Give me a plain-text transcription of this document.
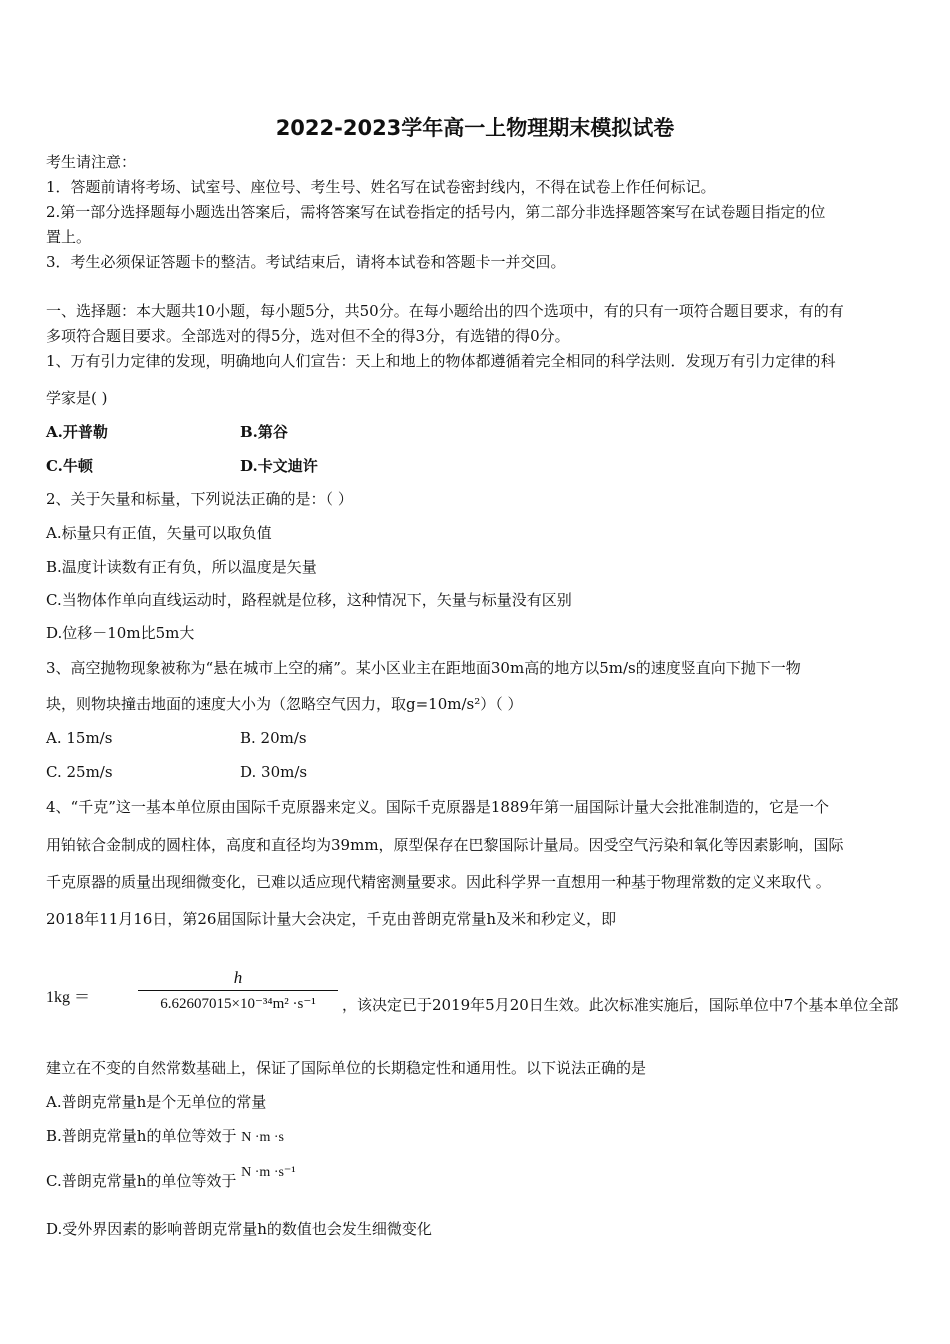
2022-2023学年高一上物理期末模拟试卷
考生请注意：
1．答题前请将考场、试室号、座位号、考生号、姓名写在试卷密封线内，不得在试卷上作任何标记。
2.第一部分选择题每小题选出答案后，需将答案写在试卷指定的括号内，第二部分非选择题答案写在试卷题目指定的位
置上。
3．考生必须保证答题卡的整洁。考试结束后，请将本试卷和答题卡一并交回。
一、选择题：本大题共10小题，每小题5分，共50分。在每小题给出的四个选项中，有的只有一项符合题目要求，有的有
多项符合题目要求。全部选对的得5分，选对但不全的得3分，有选错的得0分。
1、万有引力定律的发现，明确地向人们宣告：天上和地上的物体都遵循着完全相同的科学法则．发现万有引力定律的科
学家是( )
A.开普勒	B.第谷
C.牛顿	D.卡文迪许
2、关于矢量和标量，下列说法正确的是：（ ）
A.标量只有正值，矢量可以取负值
B.温度计读数有正有负，所以温度是矢量
C.当物体作单向直线运动时，路程就是位移，这种情况下，矢量与标量没有区别
D.位移－10m比5m大
3、高空抛物现象被称为“悬在城市上空的痛”。某小区业主在距地面30m高的地方以5m/s的速度竖直向下抛下一物
块，则物块撞击地面的速度大小为（忽略空气因力，取g=10m/s²）（ ）
A. 15m/s	B. 20m/s
C. 25m/s	D. 30m/s
4、“千克”这一基本单位原由国际千克原器来定义。国际千克原器是1889年第一届国际计量大会批准制造的，它是一个
用铂铱合金制成的圆柱体，高度和直径均为39mm，原型保存在巴黎国际计量局。因受空气污染和氧化等因素影响，国际
千克原器的质量出现细微变化，已难以适应现代精密测量要求。因此科学界一直想用一种基于物理常数的定义来取代 。
2018年11月16日，第26届国际计量大会决定，千克由普朗克常量h及米和秒定义，即
1kg ＝
h
6.62607015×10⁻³⁴m² ·s⁻¹	，该决定已于2019年5月20日生效。此次标准实施后，国际单位中7个基本单位全部
建立在不变的自然常数基础上，保证了国际单位的长期稳定性和通用性。以下说法正确的是
A.普朗克常量h是个无单位的常量
B.普朗克常量h的单位等效于 N ·m ·s
C.普朗克常量h的单位等效于 N ·m ·s⁻¹
D.受外界因素的影响普朗克常量h的数值也会发生细微变化
